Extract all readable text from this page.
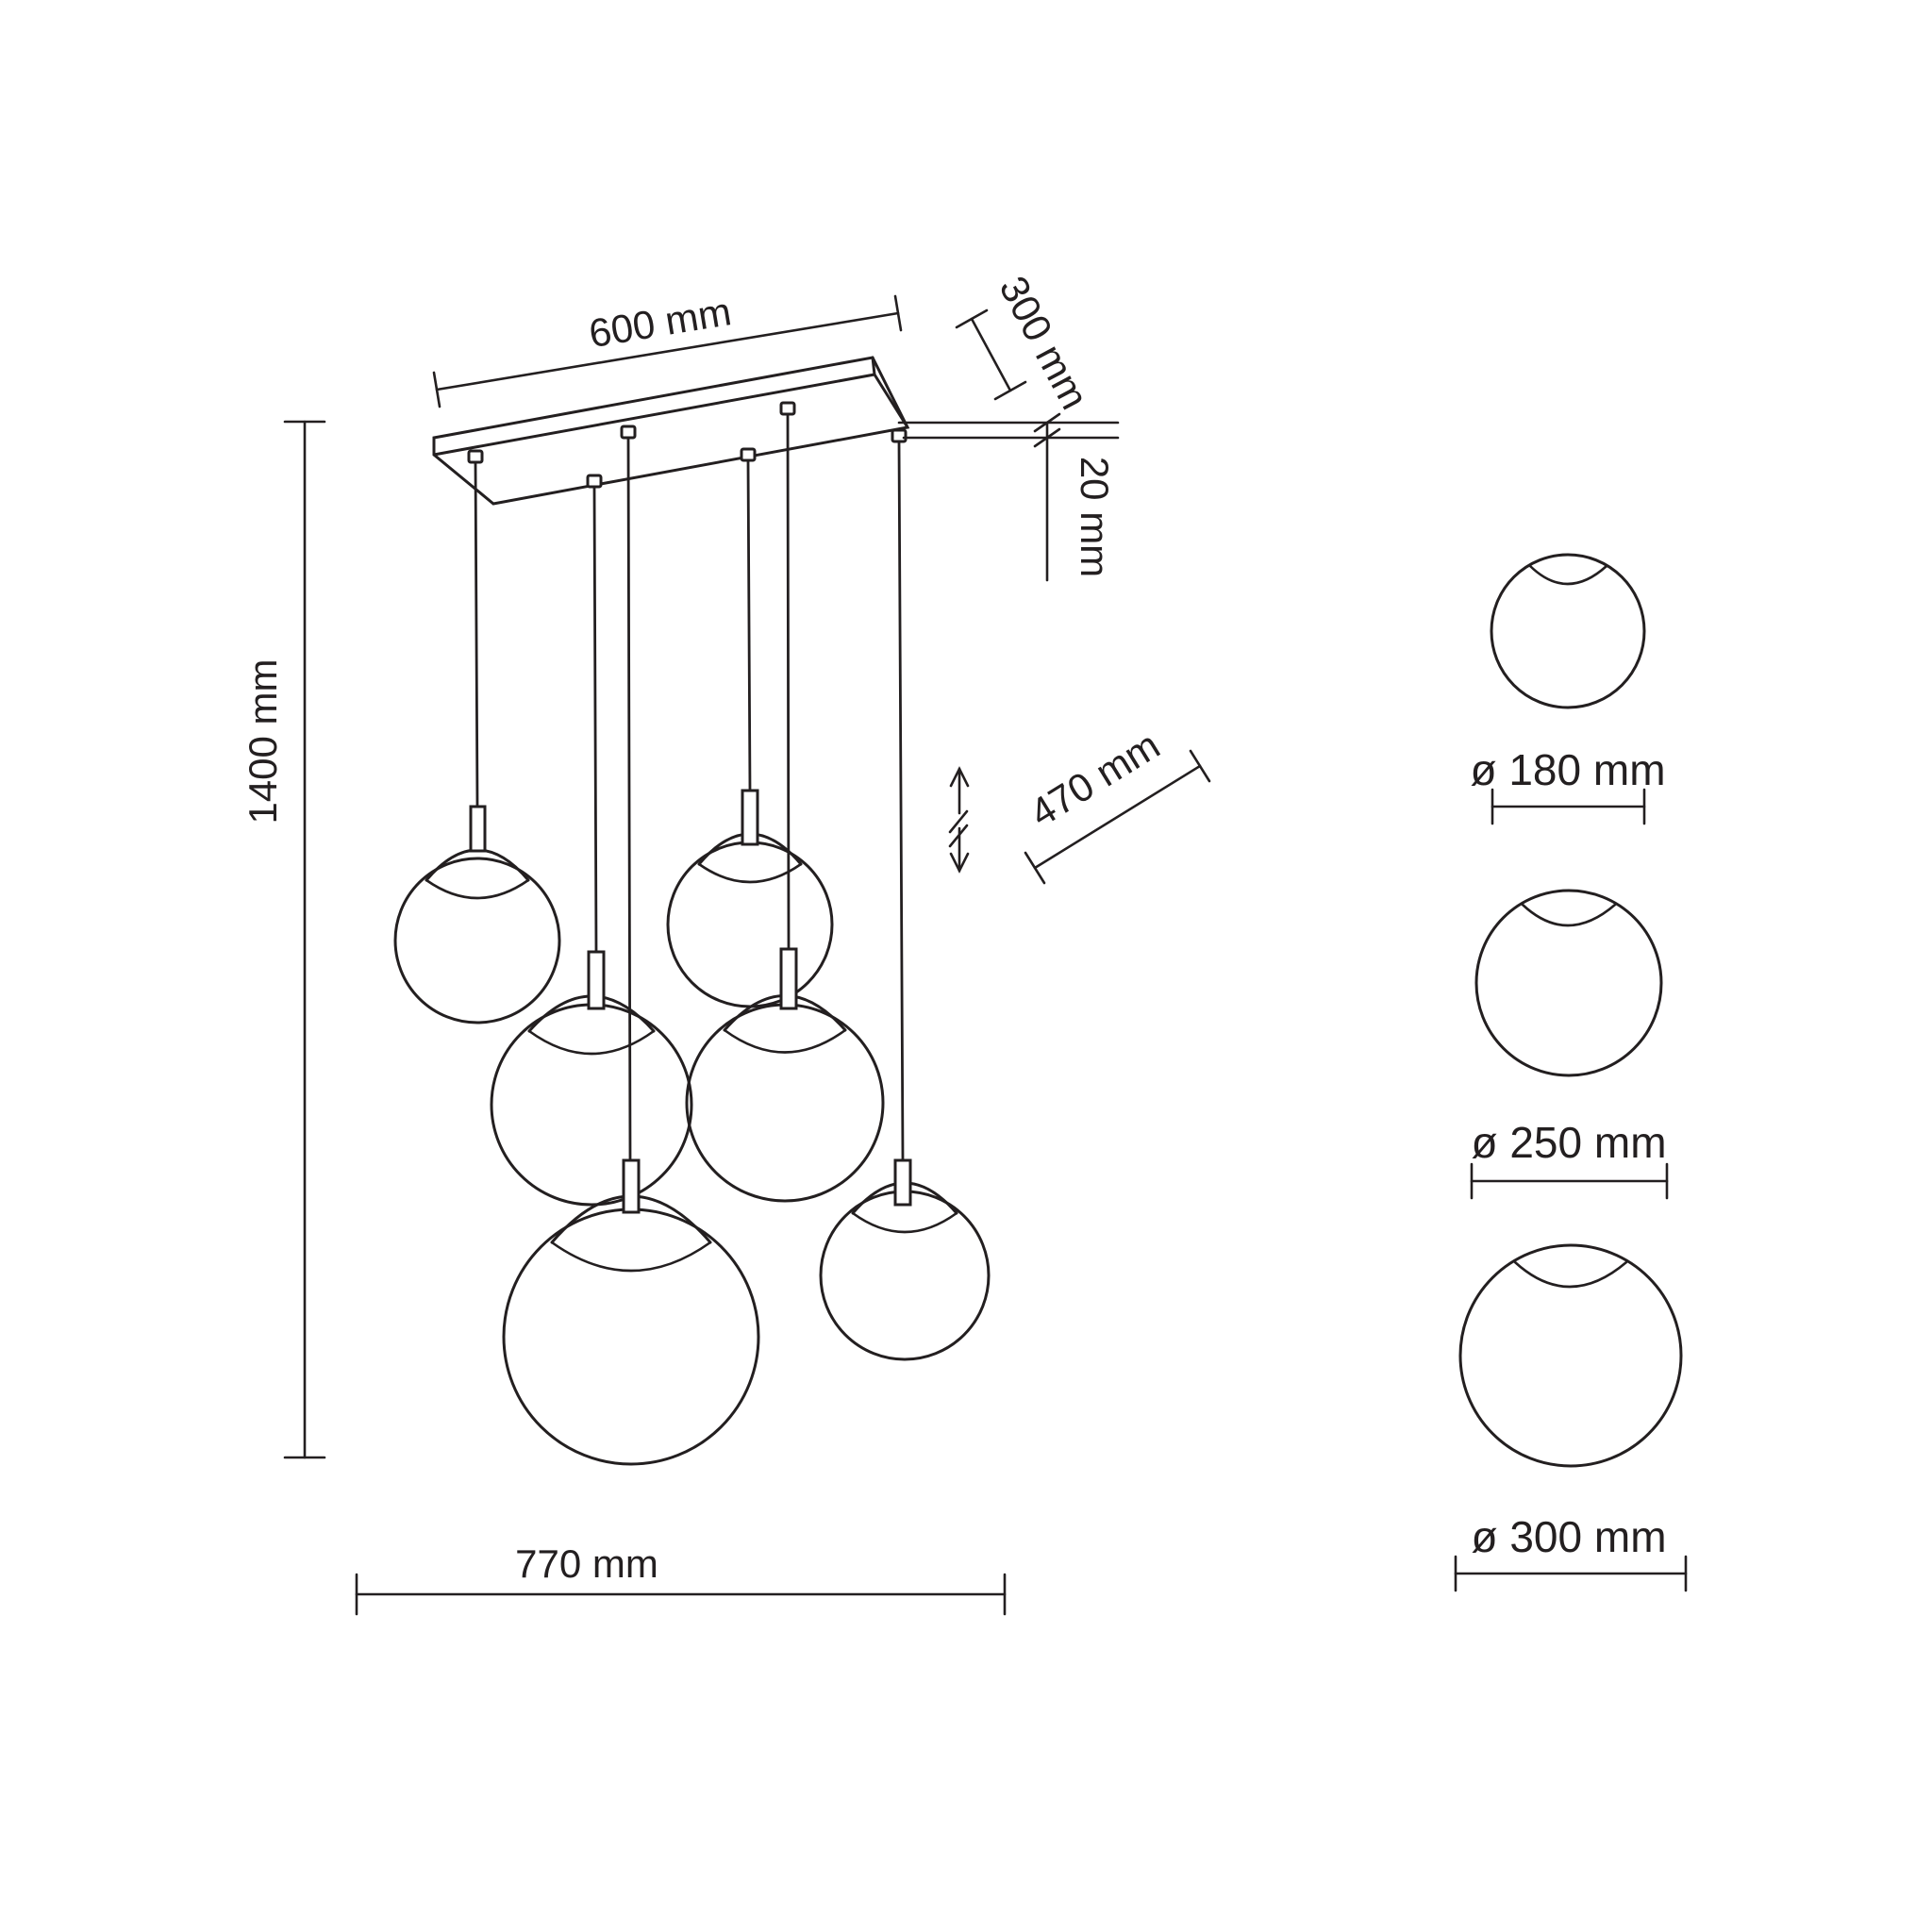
600 mm	300 mm
20 mm
1400 mm	470 mm
770 mm
ø 180 mm
ø 250 mm
ø 300 mm
